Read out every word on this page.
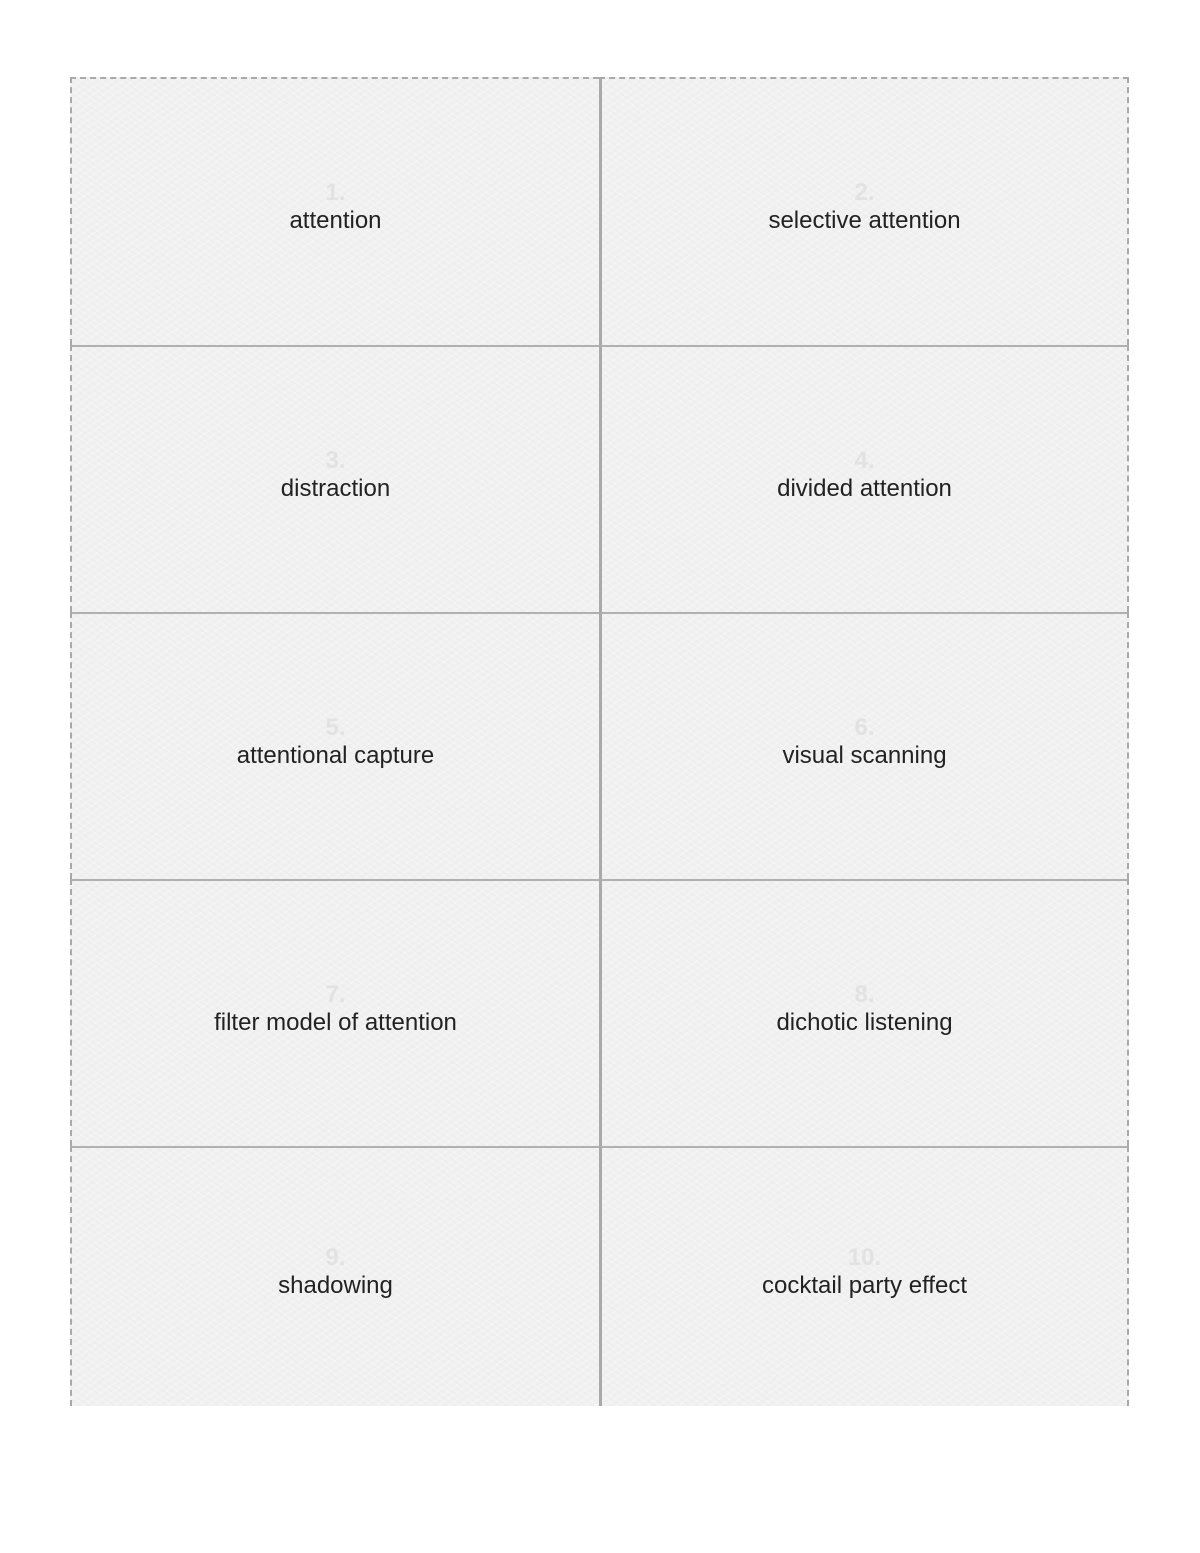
1.
attention
2.
selective attention
3.
distraction
4.
divided attention
5.
attentional capture
6.
visual scanning
7.
filter model of attention
8.
dichotic listening
9.
shadowing
10.
cocktail party effect
